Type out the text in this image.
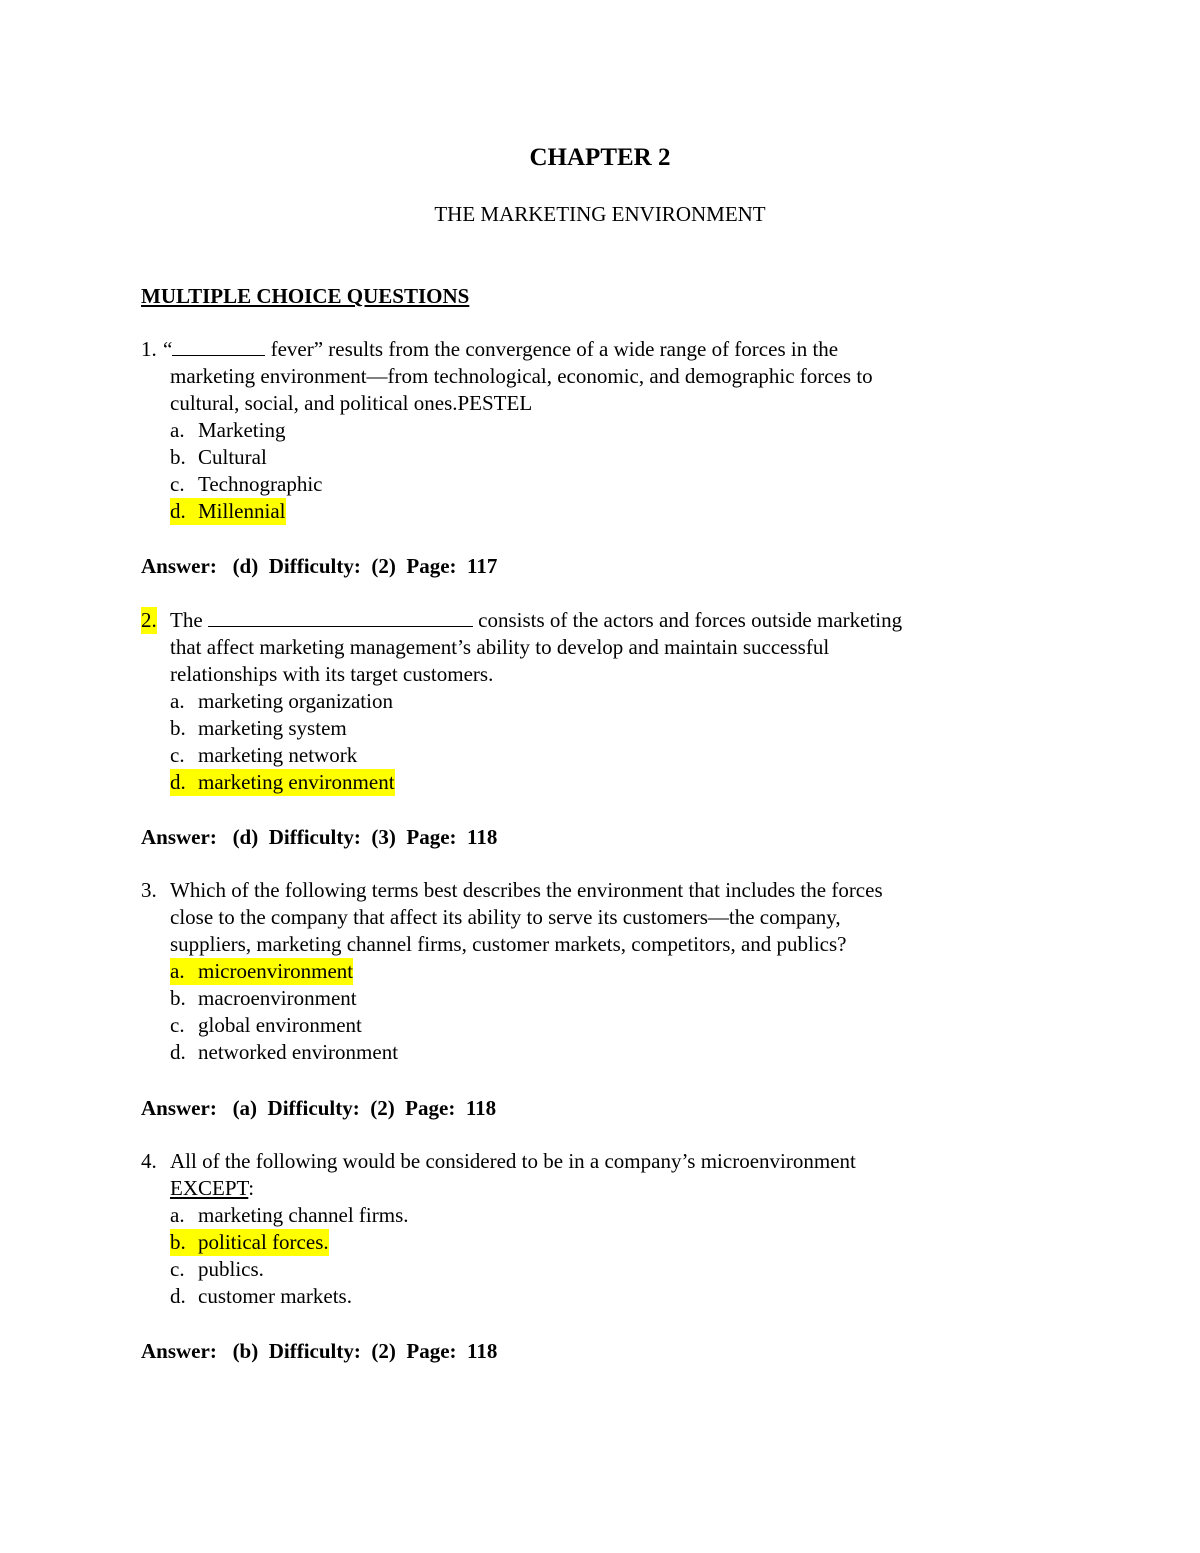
CHAPTER 2
THE MARKETING ENVIRONMENT
MULTIPLE CHOICE QUESTIONS
1. “	fever” results from the convergence of a wide range of forces in the
marketing environment—from technological, economic, and demographic forces to
cultural, social, and political ones.PESTEL
a. Marketing
b. Cultural
c. Technographic
d. Millennial
Answer:   (d)  Difficulty:  (2)  Page:  117
2. The	consists of the actors and forces outside marketing
that affect marketing management’s ability to develop and maintain successful
relationships with its target customers.
a. marketing organization
b. marketing system
c. marketing network
d. marketing environment
Answer:   (d)  Difficulty:  (3)  Page:  118
3. Which of the following terms best describes the environment that includes the forces
close to the company that affect its ability to serve its customers—the company,
suppliers, marketing channel firms, customer markets, competitors, and publics?
a. microenvironment
b. macroenvironment
c. global environment
d. networked environment
Answer:   (a)  Difficulty:  (2)  Page:  118
4. All of the following would be considered to be in a company’s microenvironment
EXCEPT:
a. marketing channel firms.
b. political forces.
c. publics.
d. customer markets.
Answer:   (b)  Difficulty:  (2)  Page:  118
